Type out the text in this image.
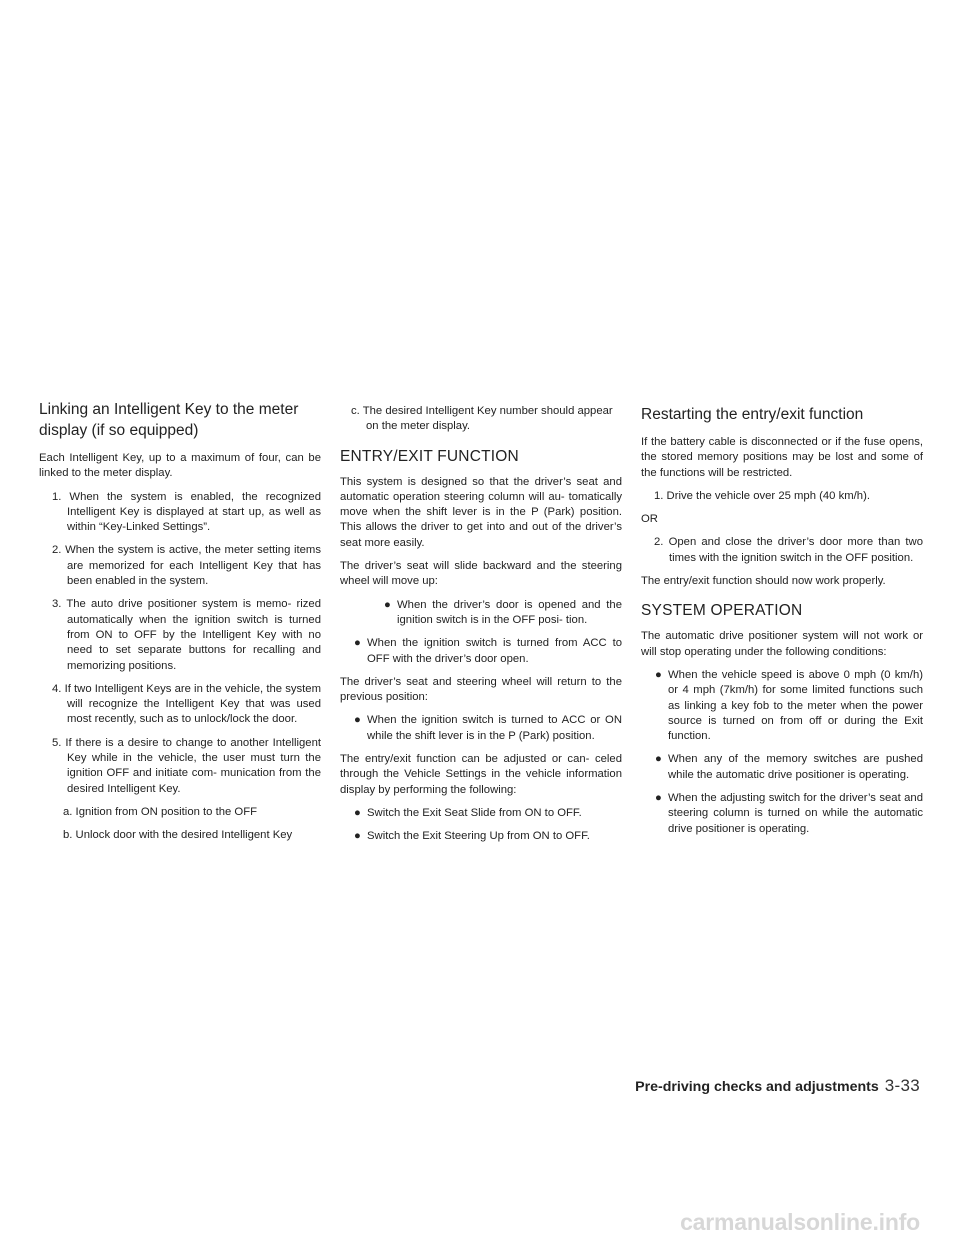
Linking an Intelligent Key to the meter display (if so equipped)

Each Intelligent Key, up to a maximum of four, can be linked to the meter display.

1. When the system is enabled, the recognized Intelligent Key is displayed at start up, as well as within “Key-Linked Settings”.
2. When the system is active, the meter setting items are memorized for each Intelligent Key that has been enabled in the system.
3. The auto drive positioner system is memo- rized automatically when the ignition switch is turned from ON to OFF by the Intelligent Key with no need to set separate buttons for recalling and memorizing positions.
4. If two Intelligent Keys are in the vehicle, the system will recognize the Intelligent Key that was used most recently, such as to unlock/lock the door.
5. If there is a desire to change to another Intelligent Key while in the vehicle, the user must turn the ignition OFF and initiate com- munication from the desired Intelligent Key.
a. Ignition from ON position to the OFF
b. Unlock door with the desired Intelligent Key
c. The desired Intelligent Key number should appear on the meter display.
ENTRY/EXIT FUNCTION

This system is designed so that the driver’s seat and automatic operation steering column will au- tomatically move when the shift lever is in the P (Park) position. This allows the driver to get into and out of the driver’s seat more easily.

The driver’s seat will slide backward and the steering wheel will move up:

● When the driver’s door is opened and the ignition switch is in the OFF posi- tion.
● When the ignition switch is turned from ACC to OFF with the driver’s door open.

The driver’s seat and steering wheel will return to the previous position:

● When the ignition switch is turned to ACC or ON while the shift lever is in the P (Park) position.

The entry/exit function can be adjusted or can- celed through the Vehicle Settings in the vehicle information display by performing the following:

● Switch the Exit Seat Slide from ON to OFF.
● Switch the Exit Steering Up from ON to OFF.
Restarting the entry/exit function

If the battery cable is disconnected or if the fuse opens, the stored memory positions may be lost and some of the functions will be restricted.

1. Drive the vehicle over 25 mph (40 km/h).
OR
2. Open and close the driver’s door more than two times with the ignition switch in the OFF position.

The entry/exit function should now work properly.

SYSTEM OPERATION

The automatic drive positioner system will not work or will stop operating under the following conditions:

● When the vehicle speed is above 0 mph (0 km/h) or 4 mph (7km/h) for some limited functions such as linking a key fob to the meter when the power source is turned on from off or during the Exit function.
● When any of the memory switches are pushed while the automatic drive positioner is operating.
● When the adjusting switch for the driver’s seat and steering column is turned on while the automatic drive positioner is operating.
Pre-driving checks and adjustments 3-33
carmanualsonline.info
